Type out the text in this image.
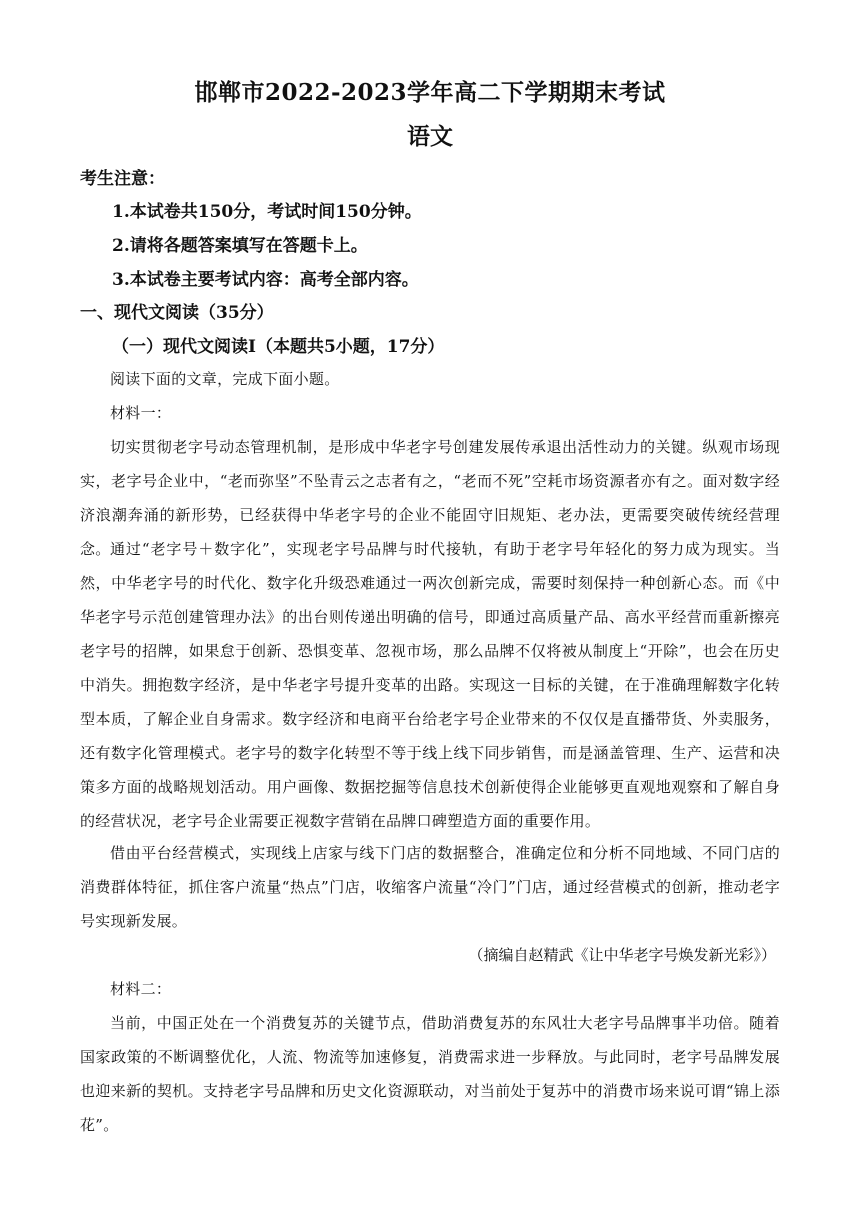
邯郸市2022-2023学年高二下学期期末考试
语文
考生注意：
1.本试卷共150分，考试时间150分钟。
2.请将各题答案填写在答题卡上。
3.本试卷主要考试内容：高考全部内容。
一、现代文阅读（35分）
（一）现代文阅读Ⅰ（本题共5小题，17分）
阅读下面的文章，完成下面小题。
材料一：

切实贯彻老字号动态管理机制，是形成中华老字号创建发展传承退出活性动力的关键。纵观市场现实，老字号企业中，“老而弥坚”不坠青云之志者有之，“老而不死”空耗市场资源者亦有之。面对数字经济浪潮奔涌的新形势，已经获得中华老字号的企业不能固守旧规矩、老办法，更需要突破传统经营理念。 通过“老字号＋数字化”，实现老字号品牌与时代接轨，有助于老字号年轻化的努力成为现实。当然，中华老字号的时代化、数字化升级恐难通过一两次创新完成，需要时刻保持一种创新心态。而《中华老字号示范创建管理办法》的出台则传递出明确的信号，即通过高质量产品、高水平经营而重新擦亮老字号的招牌，如果怠于创新、恐惧变革、忽视市场，那么品牌不仅将被从制度上“开除”，也会在历史中消失。拥抱数字经济，是中华老字号提升变革的出路。实现这一目标的关键，在于准确理解数字化转型本质，了解企业自身需求。数字经济和电商平台给老字号企业带来的不仅仅是直播带货、外卖服务，还有数字化管理模式。老字号的数字化转型不等于线上线下同步销售，而是涵盖管理、生产、运营和决策多方面的战略规划活动。用户画像、数据挖掘等信息技术创新使得企业能够更直观地观察和了解自身的经营状况，老字号企业需要正视数字营销在品牌口碑塑造方面的重要作用。

借由平台经营模式，实现线上店家与线下门店的数据整合，准确定位和分析不同地域、不同门店的消费群体特征，抓住客户流量“热点”门店，收缩客户流量“冷门”门店，通过经营模式的创新，推动老字号实现新发展。

（摘编自赵精武《让中华老字号焕发新光彩》）
材料二：

当前，中国正处在一个消费复苏的关键节点，借助消费复苏的东风壮大老字号品牌事半功倍。随着国家政策的不断调整优化，人流、物流等加速修复，消费需求进一步释放。与此同时，老字号品牌发展也迎来新的契机。支持老字号品牌和历史文化资源联动，对当前处于复苏中的消费市场来说可谓“锦上添花”。
